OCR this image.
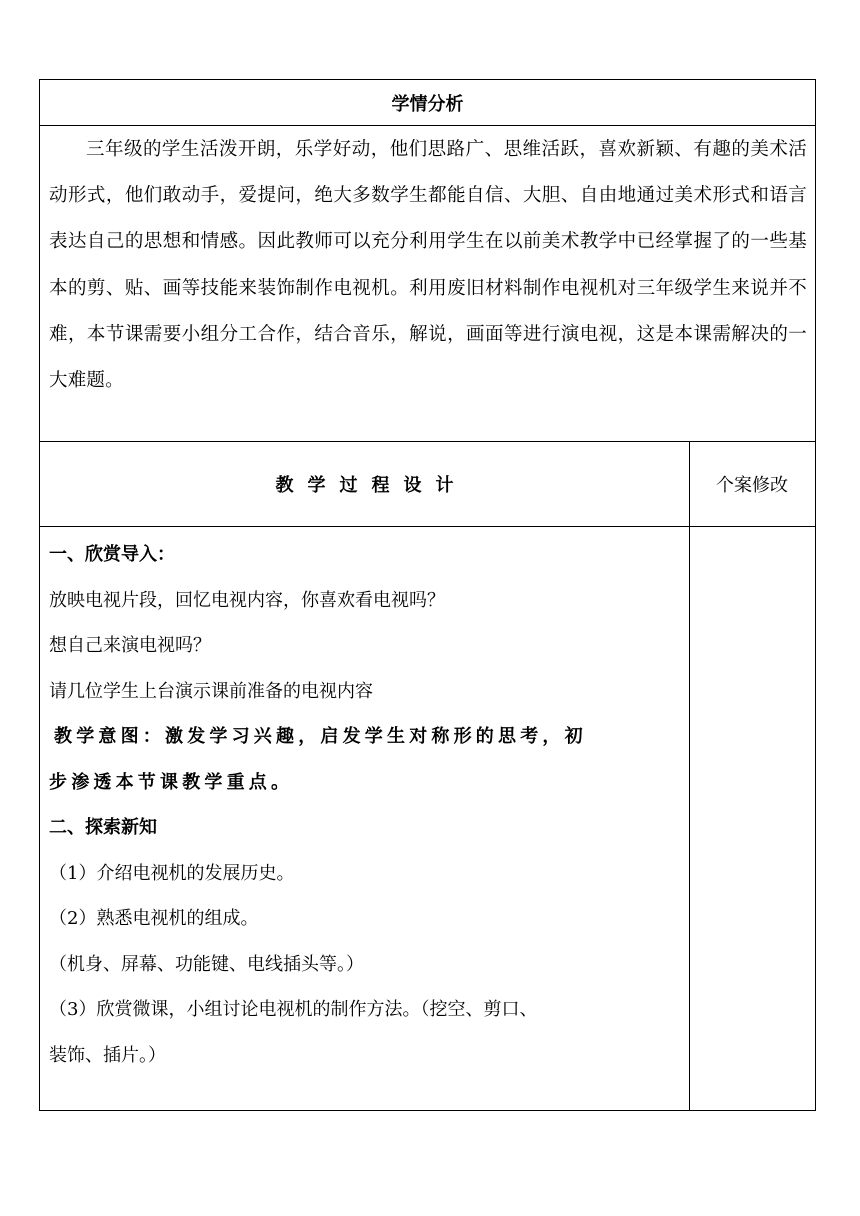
学情分析
三年级的学生活泼开朗，乐学好动，他们思路广、思维活跃，喜欢新颖、有趣的美术活动形式，他们敢动手，爱提问，绝大多数学生都能自信、大胆、自由地通过美术形式和语言表达自己的思想和情感。因此教师可以充分利用学生在以前美术教学中已经掌握了的一些基本的剪、贴、画等技能来装饰制作电视机。利用废旧材料制作电视机对三年级学生来说并不难，本节课需要小组分工合作，结合音乐，解说，画面等进行演电视，这是本课需解决的一大难题。
教学过程设计	个案修改
一、欣赏导入：
放映电视片段，回忆电视内容，你喜欢看电视吗？
想自己来演电视吗？
请几位学生上台演示课前准备的电视内容
教学意图：激发学习兴趣，启发学生对称形的思考，初
步渗透本节课教学重点。
二、探索新知
（1）介绍电视机的发展历史。
（2）熟悉电视机的组成。
（机身、屏幕、功能键、电线插头等。）
（3）欣赏微课，小组讨论电视机的制作方法。（挖空、剪口、
装饰、插片。）
